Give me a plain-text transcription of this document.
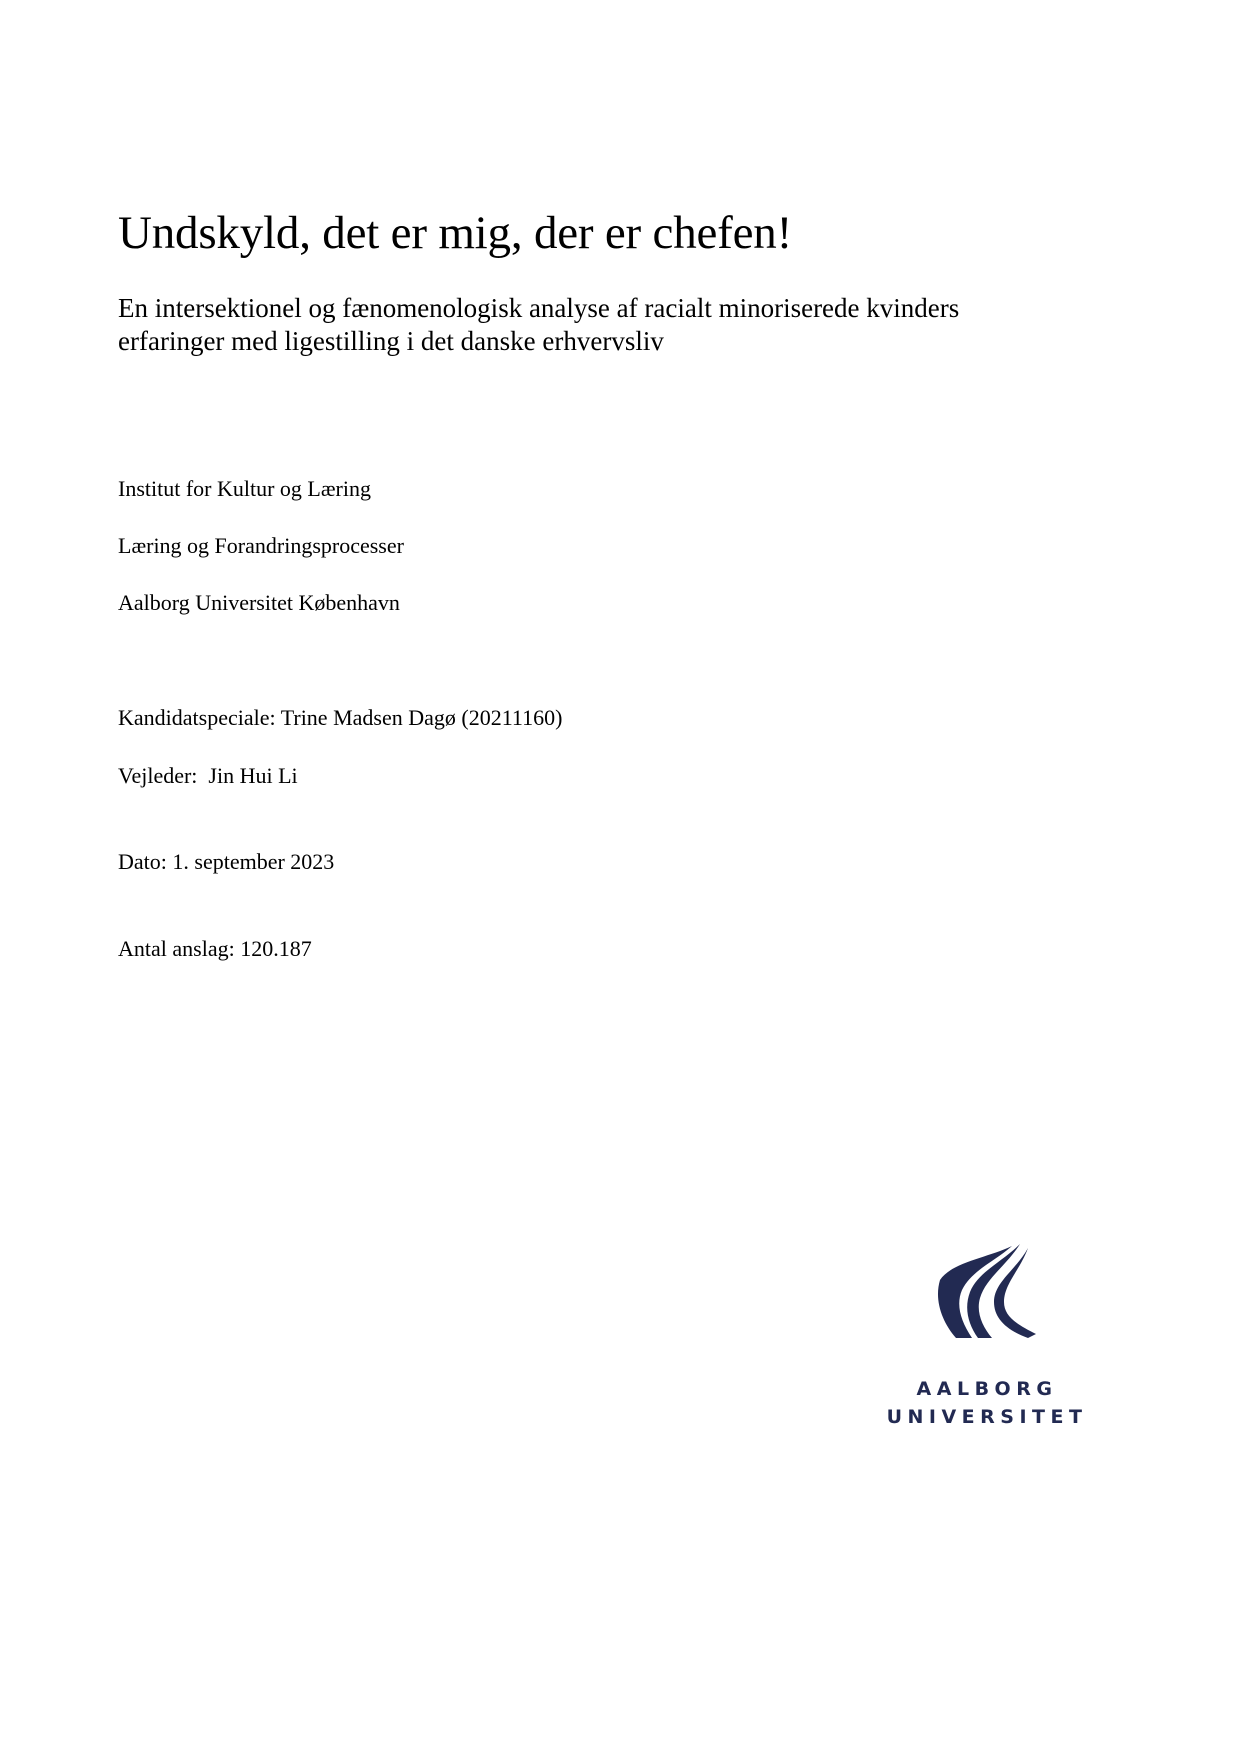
Undskyld, det er mig, der er chefen!
En intersektionel og fænomenologisk analyse af racialt minoriserede kvinders
erfaringer med ligestilling i det danske erhvervsliv
Institut for Kultur og Læring
Læring og Forandringsprocesser
Aalborg Universitet København
Kandidatspeciale: Trine Madsen Dagø (20211160)
Vejleder:  Jin Hui Li
Dato: 1. september 2023
Antal anslag: 120.187
AALBORG
UNIVERSITET
